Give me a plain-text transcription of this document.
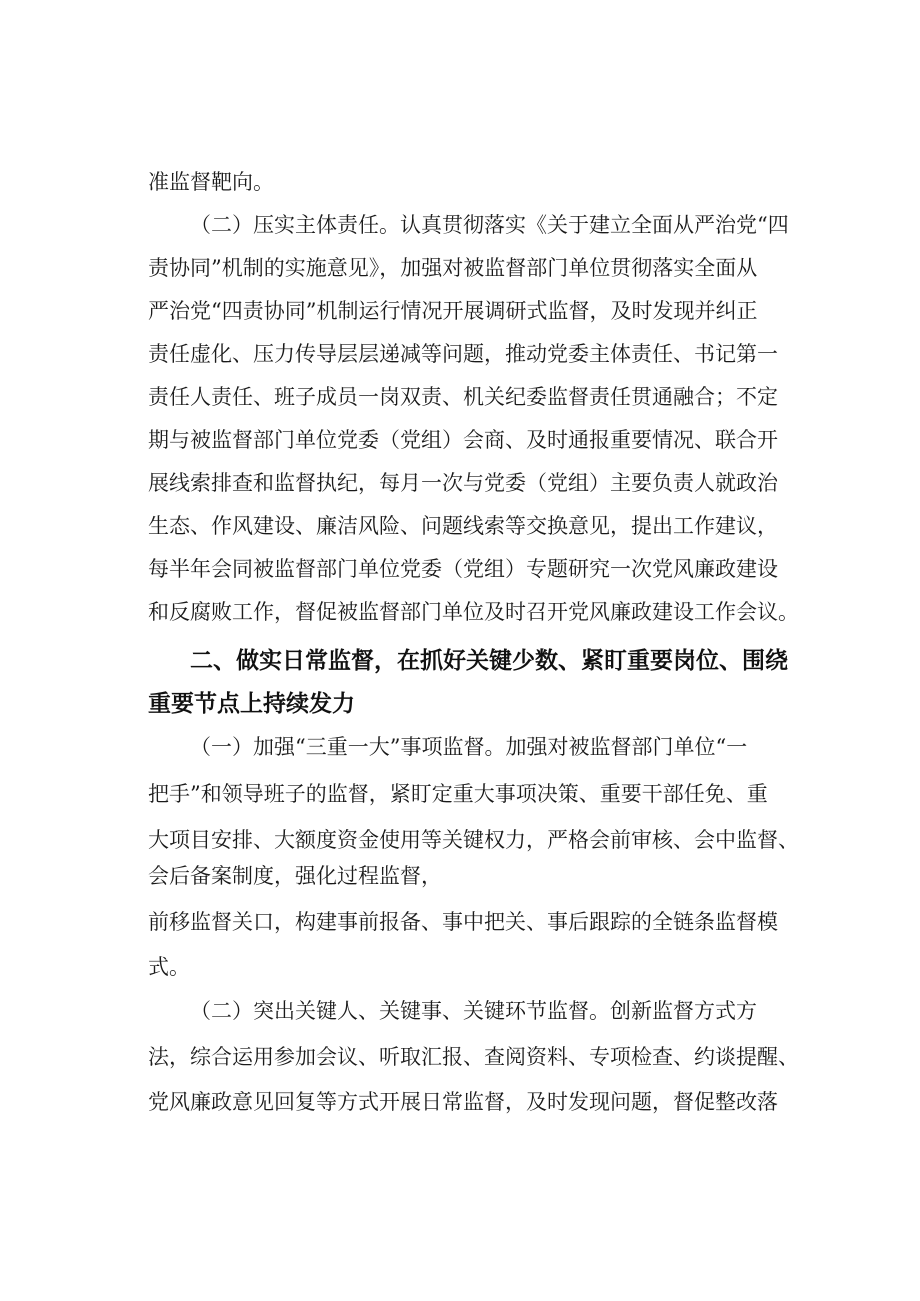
准监督靶向。
（二）压实主体责任。认真贯彻落实《关于建立全面从严治党“四
责协同”机制的实施意见》，加强对被监督部门单位贯彻落实全面从
严治党“四责协同”机制运行情况开展调研式监督，及时发现并纠正
责任虚化、压力传导层层递减等问题，推动党委主体责任、书记第一
责任人责任、班子成员一岗双责、机关纪委监督责任贯通融合；不定
期与被监督部门单位党委（党组）会商、及时通报重要情况、联合开
展线索排查和监督执纪，每月一次与党委（党组）主要负责人就政治
生态、作风建设、廉洁风险、问题线索等交换意见，提出工作建议，
每半年会同被监督部门单位党委（党组）专题研究一次党风廉政建设
和反腐败工作，督促被监督部门单位及时召开党风廉政建设工作会议。
二、做实日常监督，在抓好关键少数、紧盯重要岗位、围绕
重要节点上持续发力
（一）加强“三重一大”事项监督。加强对被监督部门单位“一
把手”和领导班子的监督，紧盯定重大事项决策、重要干部任免、重
大项目安排、大额度资金使用等关键权力，严格会前审核、会中监督、
会后备案制度，强化过程监督，
前移监督关口，构建事前报备、事中把关、事后跟踪的全链条监督模
式。
（二）突出关键人、关键事、关键环节监督。创新监督方式方
法，综合运用参加会议、听取汇报、查阅资料、专项检查、约谈提醒、
党风廉政意见回复等方式开展日常监督，及时发现问题，督促整改落
